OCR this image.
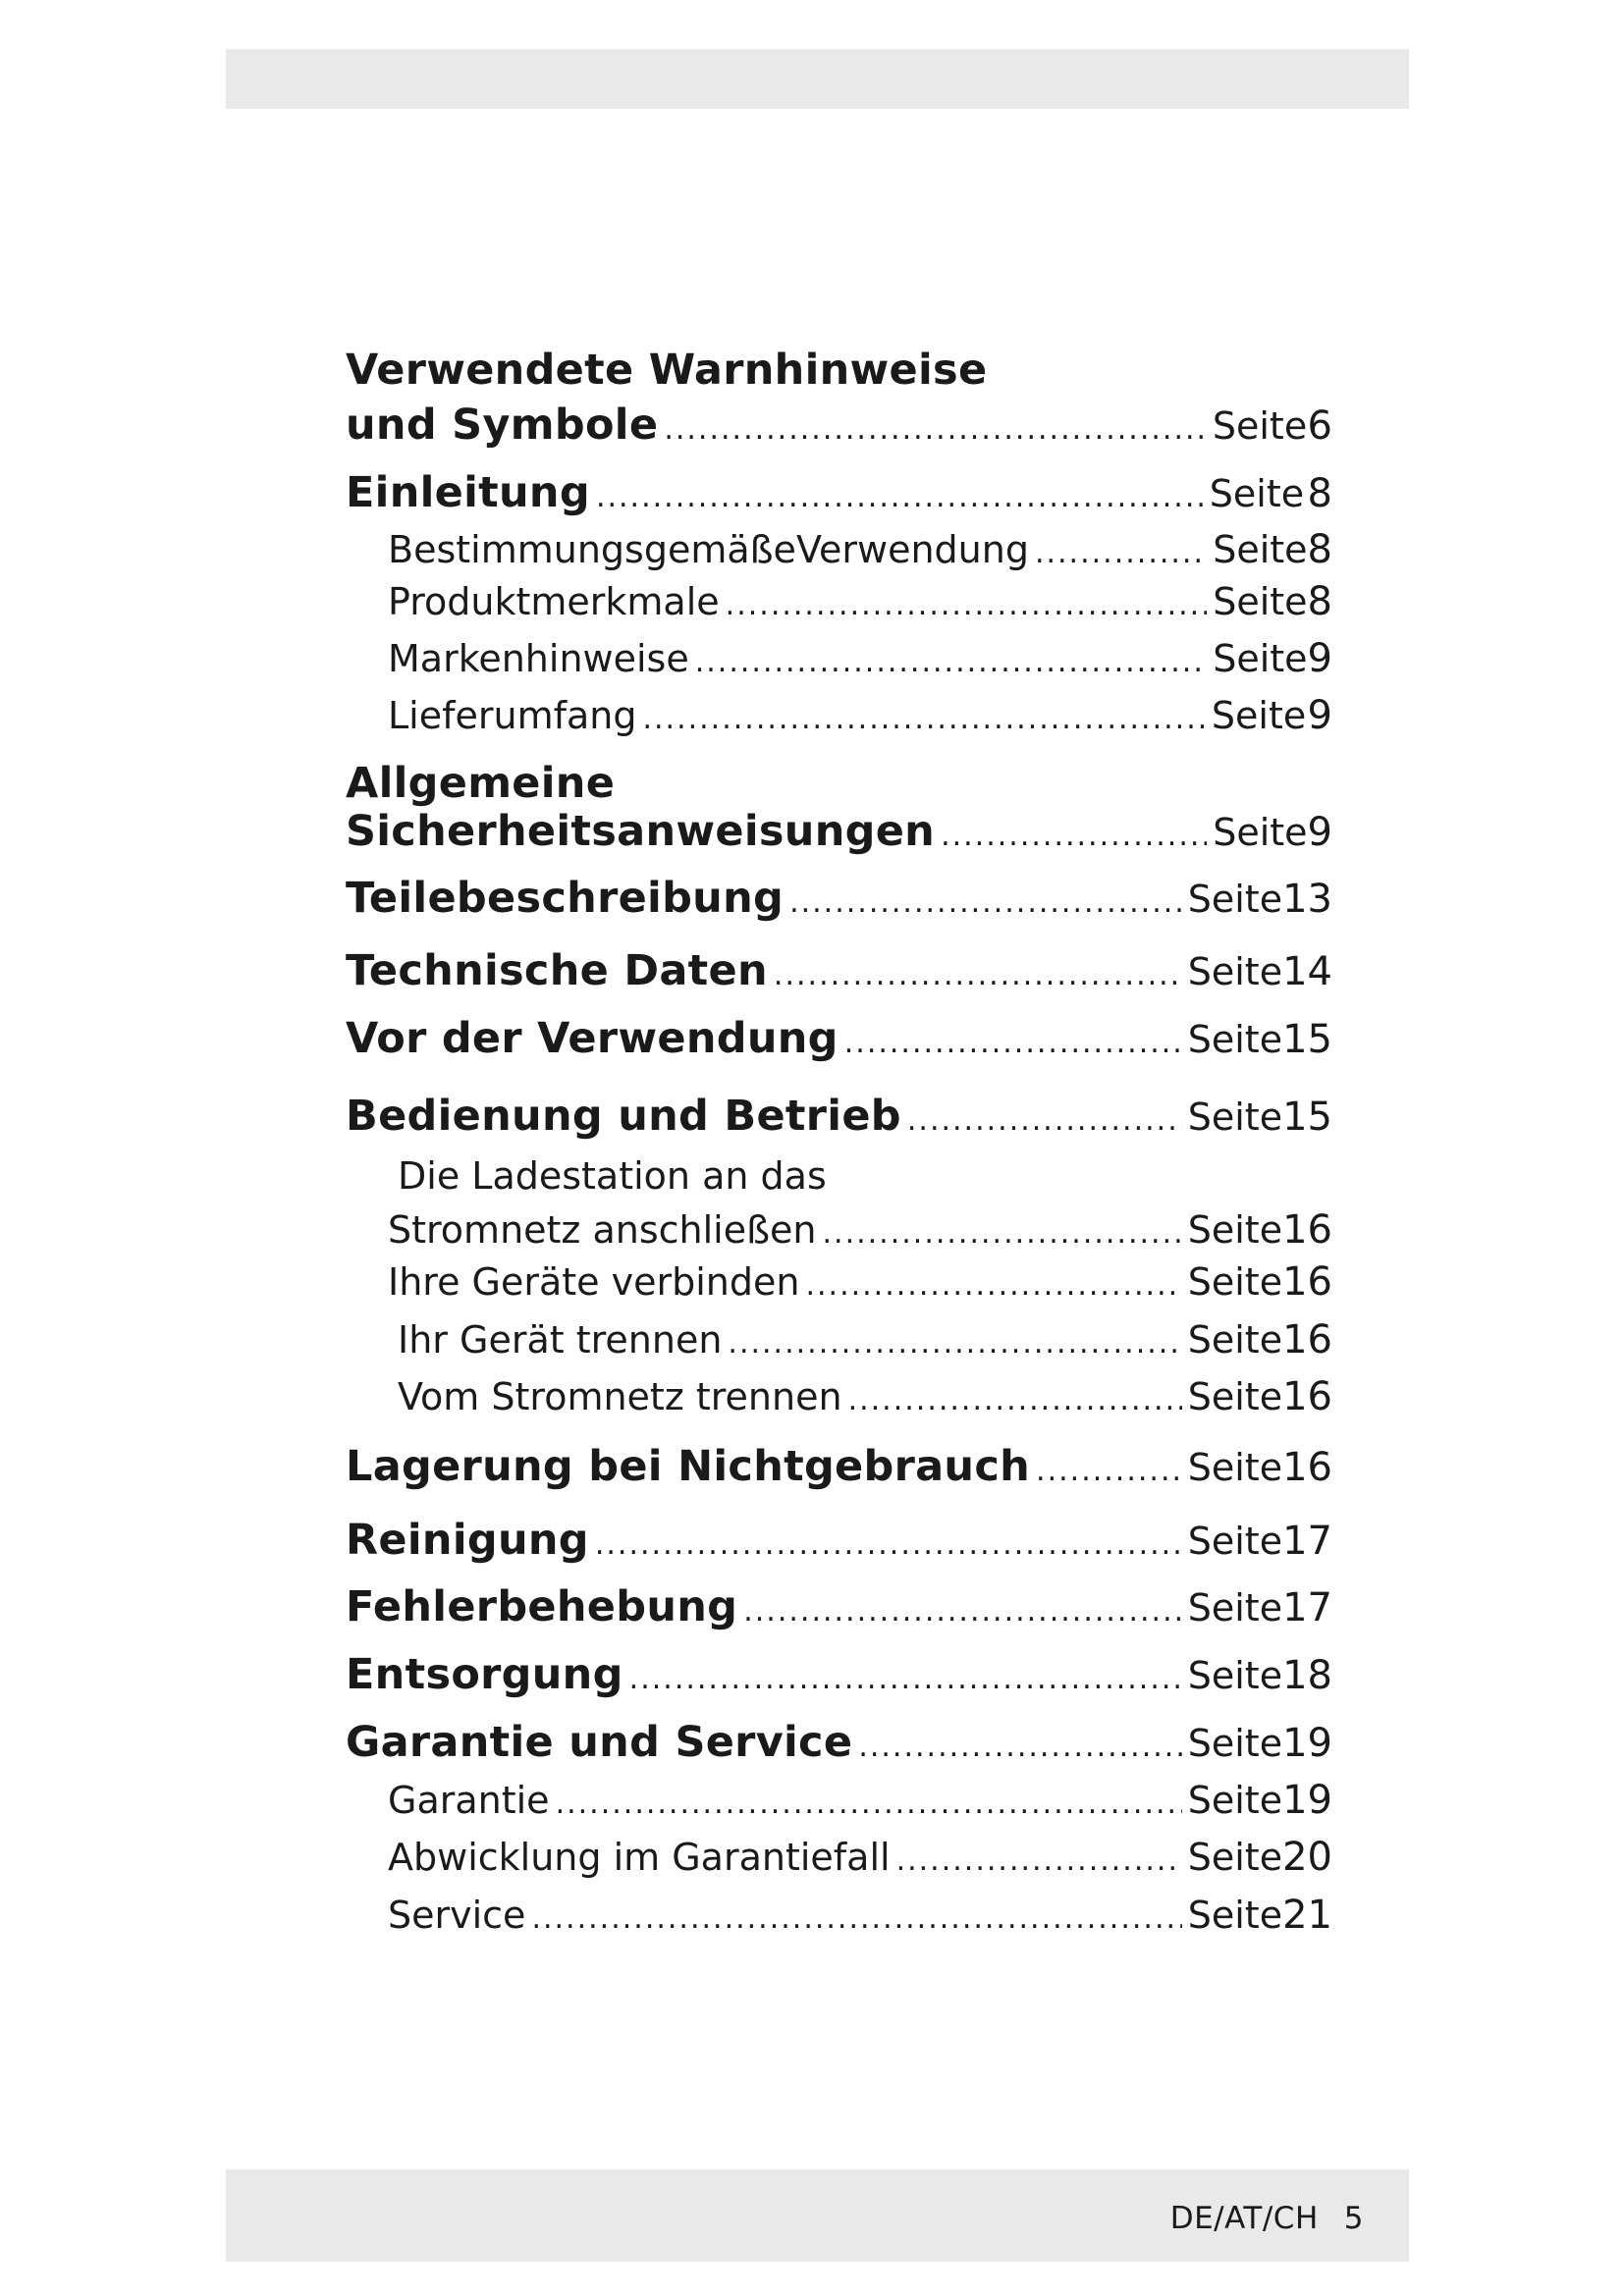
Verwendete Warnhinweise
und Symbole .....	Seite 6
Einleitung .....	Seite 8
BestimmungsgemäßeVerwendung .....	Seite 8
Produktmerkmale .....	Seite 8
Markenhinweise .....	Seite 9
Lieferumfang .....	Seite 9
Allgemeine
Sicherheitsanweisungen .....	Seite 9
Teilebeschreibung .....	Seite 13
Technische Daten .....	Seite 14
Vor der Verwendung .....	Seite 15
Bedienung und Betrieb .....	Seite 15
Die Ladestation an das
Stromnetz anschließen .....	Seite 16
Ihre Geräte verbinden .....	Seite 16
Ihr Gerät trennen .....	Seite 16
Vom Stromnetz trennen .....	Seite 16
Lagerung bei Nichtgebrauch .....	Seite 16
Reinigung .....	Seite 17
Fehlerbehebung .....	Seite 17
Entsorgung .....	Seite 18
Garantie und Service .....	Seite 19
Garantie .....	Seite 19
Abwicklung im Garantiefall .....	Seite 20
Service .....	Seite 21
DE/AT/CH 5
